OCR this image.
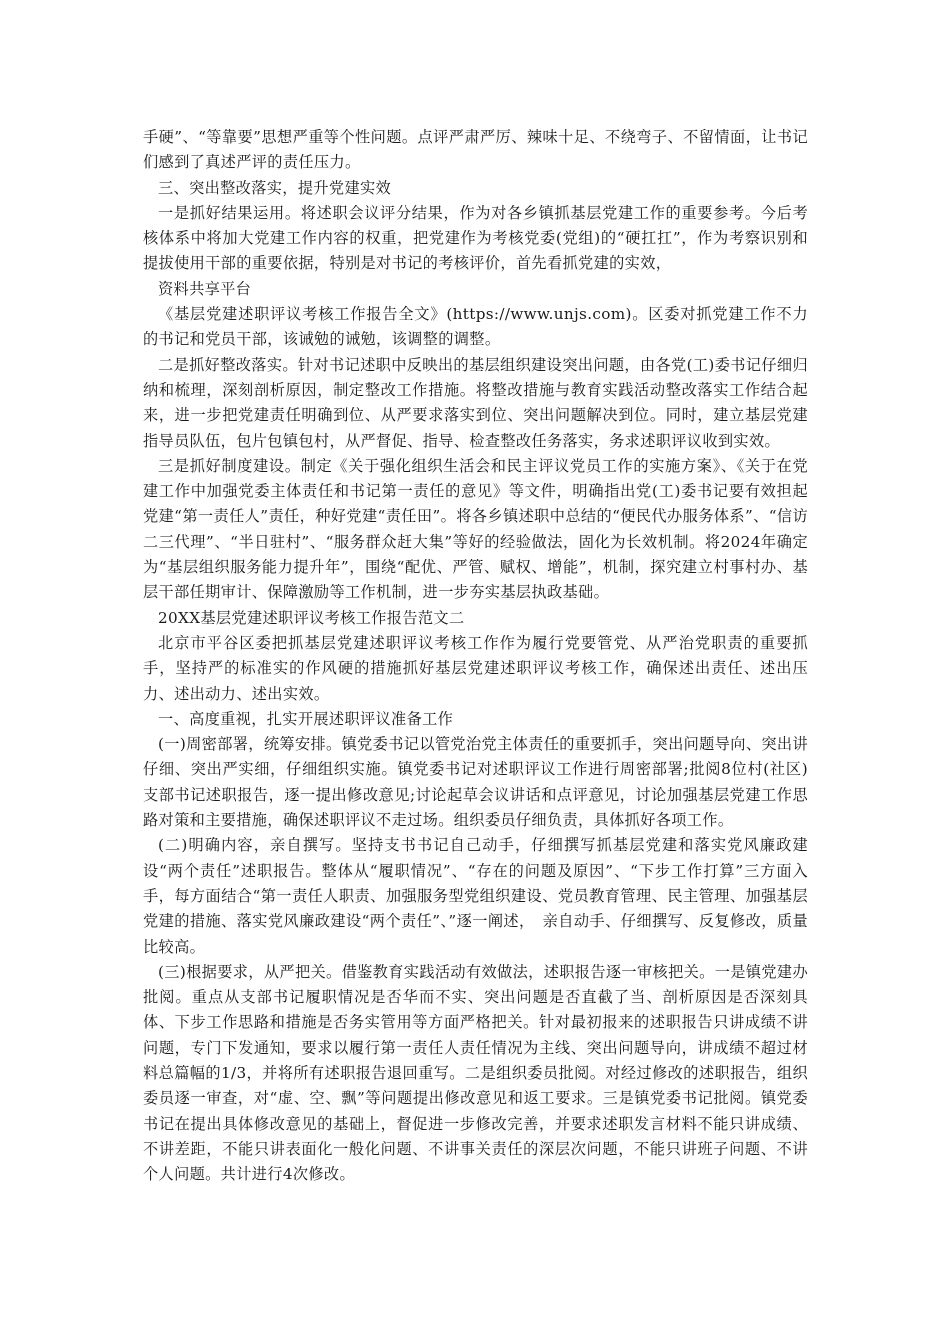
手硬”、“等靠要”思想严重等个性问题。点评严肃严厉、辣味十足、不绕弯子、不留情面，让书记们感到了真述严评的责任压力。

三、突出整改落实，提升党建实效

一是抓好结果运用。将述职会议评分结果，作为对各乡镇抓基层党建工作的重要参考。今后考核体系中将加大党建工作内容的权重，把党建作为考核党委(党组)的“硬扛扛”，作为考察识别和提拔使用干部的重要依据，特别是对书记的考核评价，首先看抓党建的实效，

资料共享平台

《基层党建述职评议考核工作报告全文》(https://www.unjs.com)。区委对抓党建工作不力的书记和党员干部，该诫勉的诫勉，该调整的调整。

二是抓好整改落实。针对书记述职中反映出的基层组织建设突出问题，由各党(工)委书记仔细归纳和梳理，深刻剖析原因，制定整改工作措施。将整改措施与教育实践活动整改落实工作结合起来，进一步把党建责任明确到位、从严要求落实到位、突出问题解决到位。同时，建立基层党建指导员队伍，包片包镇包村，从严督促、指导、检查整改任务落实，务求述职评议收到实效。

三是抓好制度建设。制定《关于强化组织生活会和民主评议党员工作的实施方案》、《关于在党建工作中加强党委主体责任和书记第一责任的意见》等文件，明确指出党(工)委书记要有效担起党建“第一责任人”责任，种好党建“责任田”。将各乡镇述职中总结的“便民代办服务体系”、“信访二三代理”、“半日驻村”、“服务群众赶大集”等好的经验做法，固化为长效机制。将2024年确定为“基层组织服务能力提升年”，围绕“配优、严管、赋权、增能”，机制，探究建立村事村办、基层干部任期审计、保障激励等工作机制，进一步夯实基层执政基础。

20XX基层党建述职评议考核工作报告范文二

北京市平谷区委把抓基层党建述职评议考核工作作为履行党要管党、从严治党职责的重要抓手，坚持严的标准实的作风硬的措施抓好基层党建述职评议考核工作，确保述出责任、述出压力、述出动力、述出实效。

一、高度重视，扎实开展述职评议准备工作

(一)周密部署，统筹安排。镇党委书记以管党治党主体责任的重要抓手，突出问题导向、突出讲仔细、突出严实细，仔细组织实施。镇党委书记对述职评议工作进行周密部署;批阅8位村(社区)支部书记述职报告，逐一提出修改意见;讨论起草会议讲话和点评意见，讨论加强基层党建工作思路对策和主要措施，确保述职评议不走过场。组织委员仔细负责，具体抓好各项工作。

(二)明确内容，亲自撰写。坚持支书书记自己动手，仔细撰写抓基层党建和落实党风廉政建设“两个责任”述职报告。整体从“履职情况”、“存在的问题及原因”、“下步工作打算”三方面入手，每方面结合“第一责任人职责、加强服务型党组织建设、党员教育管理、民主管理、加强基层党建的措施、落实党风廉政建设“两个责任”、”逐一阐述，　亲自动手、仔细撰写、反复修改，质量比较高。

(三)根据要求，从严把关。借鉴教育实践活动有效做法，述职报告逐一审核把关。一是镇党建办批阅。重点从支部书记履职情况是否华而不实、突出问题是否直截了当、剖析原因是否深刻具体、下步工作思路和措施是否务实管用等方面严格把关。针对最初报来的述职报告只讲成绩不讲问题，专门下发通知，要求以履行第一责任人责任情况为主线、突出问题导向，讲成绩不超过材料总篇幅的1/3，并将所有述职报告退回重写。二是组织委员批阅。对经过修改的述职报告，组织委员逐一审查，对“虚、空、飘”等问题提出修改意见和返工要求。三是镇党委书记批阅。镇党委书记在提出具体修改意见的基础上，督促进一步修改完善，并要求述职发言材料不能只讲成绩、不讲差距，不能只讲表面化一般化问题、不讲事关责任的深层次问题，不能只讲班子问题、不讲个人问题。共计进行4次修改。
